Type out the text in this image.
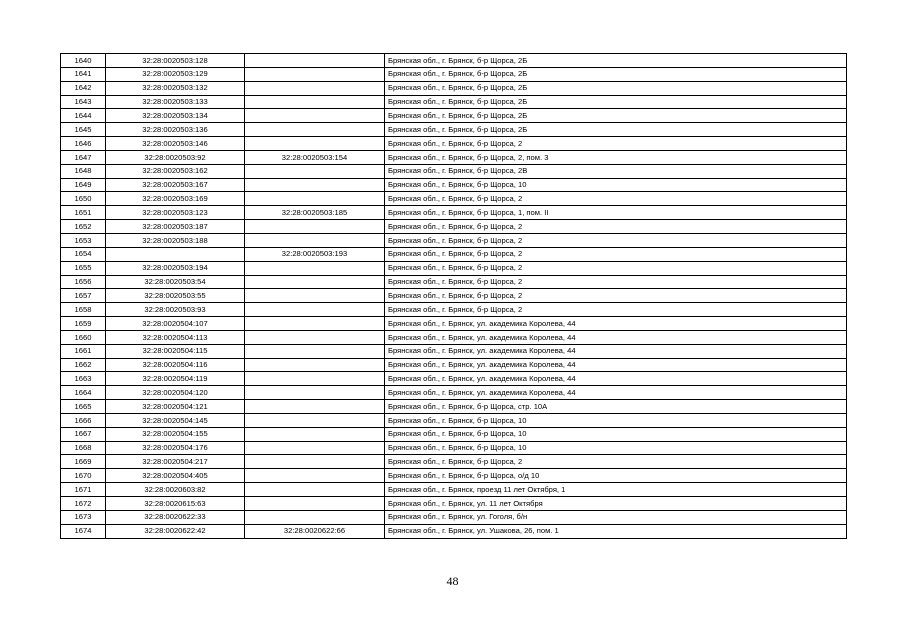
1640	32:28:0020503:128		Брянская обл., г. Брянск, б-р Щорса, 2Б
1641	32:28:0020503:129		Брянская обл., г. Брянск, б-р Щорса, 2Б
1642	32:28:0020503:132		Брянская обл., г. Брянск, б-р Щорса, 2Б
1643	32:28:0020503:133		Брянская обл., г. Брянск, б-р Щорса, 2Б
1644	32:28:0020503:134		Брянская обл., г. Брянск, б-р Щорса, 2Б
1645	32:28:0020503:136		Брянская обл., г. Брянск, б-р Щорса, 2Б
1646	32:28:0020503:146		Брянская обл., г. Брянск, б-р Щорса, 2
1647	32:28:0020503:92	32:28:0020503:154	Брянская обл., г. Брянск, б-р Щорса, 2, пом. 3
1648	32:28:0020503:162		Брянская обл., г. Брянск, б-р Щорса, 2В
1649	32:28:0020503:167		Брянская обл., г. Брянск, б-р Щорса, 10
1650	32:28:0020503:169		Брянская обл., г. Брянск, б-р Щорса, 2
1651	32:28:0020503:123	32:28:0020503:185	Брянская обл., г. Брянск, б-р Щорса, 1, пом. II
1652	32:28:0020503:187		Брянская обл., г. Брянск, б-р Щорса, 2
1653	32:28:0020503:188		Брянская обл., г. Брянск, б-р Щорса, 2
1654		32:28:0020503:193	Брянская обл., г. Брянск, б-р Щорса, 2
1655	32:28:0020503:194		Брянская обл., г. Брянск, б-р Щорса, 2
1656	32:28:0020503:54		Брянская обл., г. Брянск, б-р Щорса, 2
1657	32:28:0020503:55		Брянская обл., г. Брянск, б-р Щорса, 2
1658	32:28:0020503:93		Брянская обл., г. Брянск, б-р Щорса, 2
1659	32:28:0020504:107		Брянская обл., г. Брянск, ул. академика Королева, 44
1660	32:28:0020504:113		Брянская обл., г. Брянск, ул. академика Королева, 44
1661	32:28:0020504:115		Брянская обл., г. Брянск, ул. академика Королева, 44
1662	32:28:0020504:116		Брянская обл., г. Брянск, ул. академика Королева, 44
1663	32:28:0020504:119		Брянская обл., г. Брянск, ул. академика Королева, 44
1664	32:28:0020504:120		Брянская обл., г. Брянск, ул. академика Королева, 44
1665	32:28:0020504:121		Брянская обл., г. Брянск, б-р Щорса, стр. 10А
1666	32:28:0020504:145		Брянская обл., г. Брянск, б-р Щорса, 10
1667	32:28:0020504:155		Брянская обл., г. Брянск, б-р Щорса, 10
1668	32:28:0020504:176		Брянская обл., г. Брянск, б-р Щорса, 10
1669	32:28:0020504:217		Брянская обл., г. Брянск, б-р Щорса, 2
1670	32:28:0020504:405		Брянская обл., г. Брянск, б-р Щорса, о/д 10
1671	32:28:0020603:82		Брянская обл., г. Брянск, проезд 11 лет Октября, 1
1672	32:28:0020615:63		Брянская обл., г. Брянск, ул. 11 лет Октября
1673	32:28:0020622:33		Брянская обл., г. Брянск, ул. Гоголя, б/н
1674	32:28:0020622:42	32:28:0020622:66	Брянская обл., г. Брянск, ул. Ушакова, 26, пом. 1
48
